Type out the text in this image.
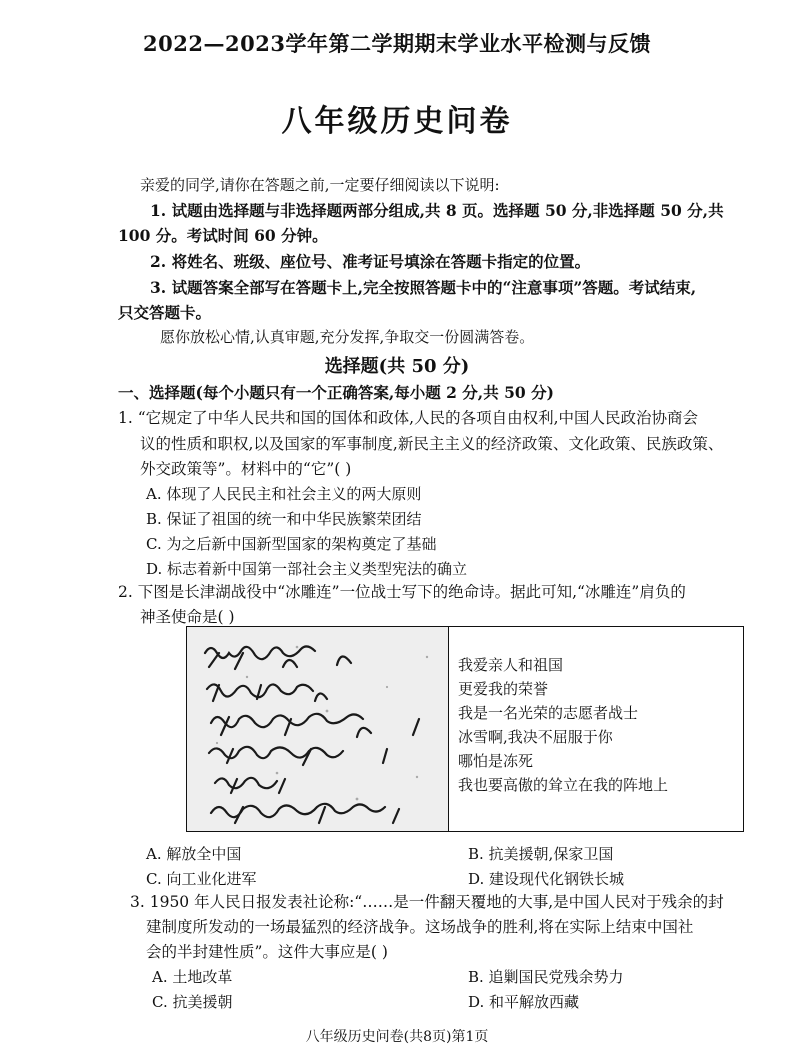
2022—2023学年第二学期期末学业水平检测与反馈
八年级历史问卷
亲爱的同学,请你在答题之前,一定要仔细阅读以下说明:
1. 试题由选择题与非选择题两部分组成,共 8 页。选择题 50 分,非选择题 50 分,共
100 分。考试时间 60 分钟。
2. 将姓名、班级、座位号、准考证号填涂在答题卡指定的位置。
3. 试题答案全部写在答题卡上,完全按照答题卡中的“注意事项”答题。考试结束,
只交答题卡。
愿你放松心情,认真审题,充分发挥,争取交一份圆满答卷。
选择题(共 50 分)
一、选择题(每个小题只有一个正确答案,每小题 2 分,共 50 分)
1. “它规定了中华人民共和国的国体和政体,人民的各项自由权利,中国人民政治协商会
议的性质和职权,以及国家的军事制度,新民主主义的经济政策、文化政策、民族政策、
外交政策等”。材料中的“它”( )
A. 体现了人民民主和社会主义的两大原则
B. 保证了祖国的统一和中华民族繁荣团结
C. 为之后新中国新型国家的架构奠定了基础
D. 标志着新中国第一部社会主义类型宪法的确立
2. 下图是长津湖战役中“冰雕连”一位战士写下的绝命诗。据此可知,“冰雕连”肩负的
神圣使命是( )
我爱亲人和祖国
更爱我的荣誉
我是一名光荣的志愿者战士
冰雪啊,我决不屈服于你
哪怕是冻死
我也要高傲的耸立在我的阵地上
A. 解放全中国	B. 抗美援朝,保家卫国
C. 向工业化进军	D. 建设现代化钢铁长城
3. 1950 年人民日报发表社论称:“……是一件翻天覆地的大事,是中国人民对于残余的封
建制度所发动的一场最猛烈的经济战争。这场战争的胜利,将在实际上结束中国社
会的半封建性质”。这件大事应是( )
A. 土地改革	B. 追剿国民党残余势力
C. 抗美援朝	D. 和平解放西藏
八年级历史问卷(共8页)第1页
